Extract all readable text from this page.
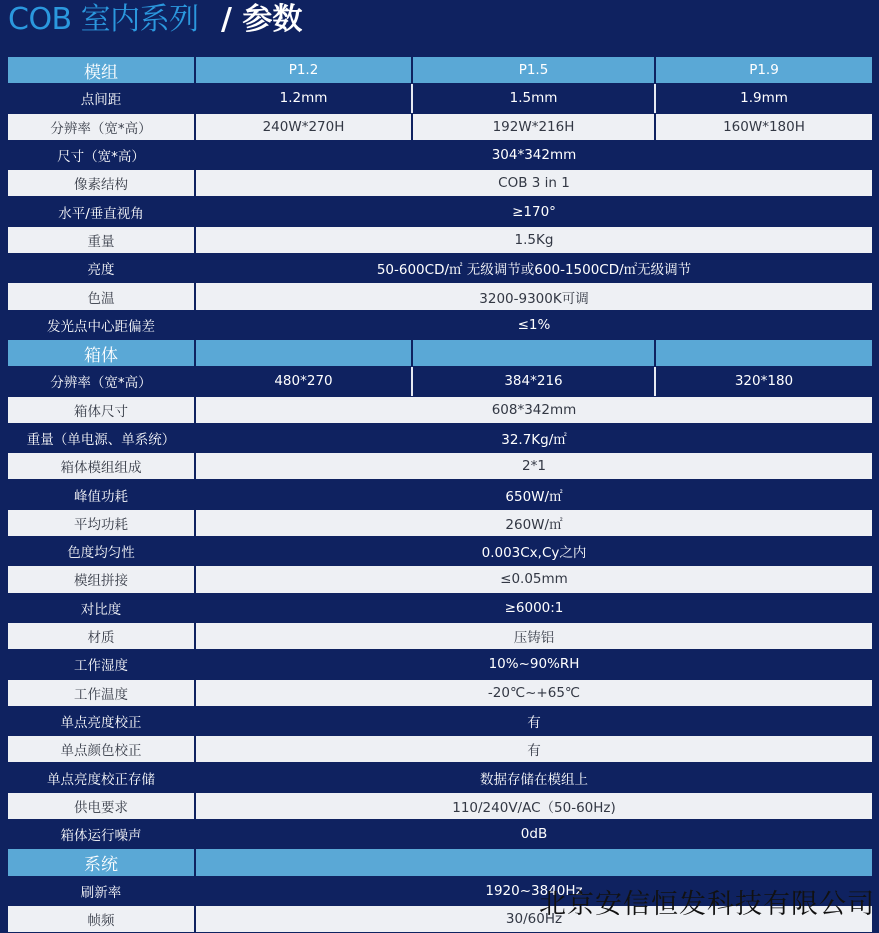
COB 室内系列 / 参数
模组	P1.2	P1.5	P1.9
点间距	1.2mm	1.5mm	1.9mm
分辨率（宽*高）	240W*270H	192W*216H	160W*180H
尺寸（宽*高）	304*342mm
像素结构	COB 3 in 1
水平/垂直视角	≥170°
重量	1.5Kg
亮度	50-600CD/㎡ 无级调节或600-1500CD/㎡无级调节
色温	3200-9300K可调
发光点中心距偏差	≤1%
箱体
分辨率（宽*高）	480*270	384*216	320*180
箱体尺寸	608*342mm
重量（单电源、单系统）	32.7Kg/㎡
箱体模组组成	2*1
峰值功耗	650W/㎡
平均功耗	260W/㎡
色度均匀性	0.003Cx,Cy之内
模组拼接	≤0.05mm
对比度	≥6000:1
材质	压铸铝
工作湿度	10%~90%RH
工作温度	-20℃~+65℃
单点亮度校正	有
单点颜色校正	有
单点亮度校正存储	数据存储在模组上
供电要求	110/240V/AC（50-60Hz)
箱体运行噪声	0dB
系统
刷新率	1920~3840Hz
帧频	30/60Hz
北京安信恒发科技有限公司
